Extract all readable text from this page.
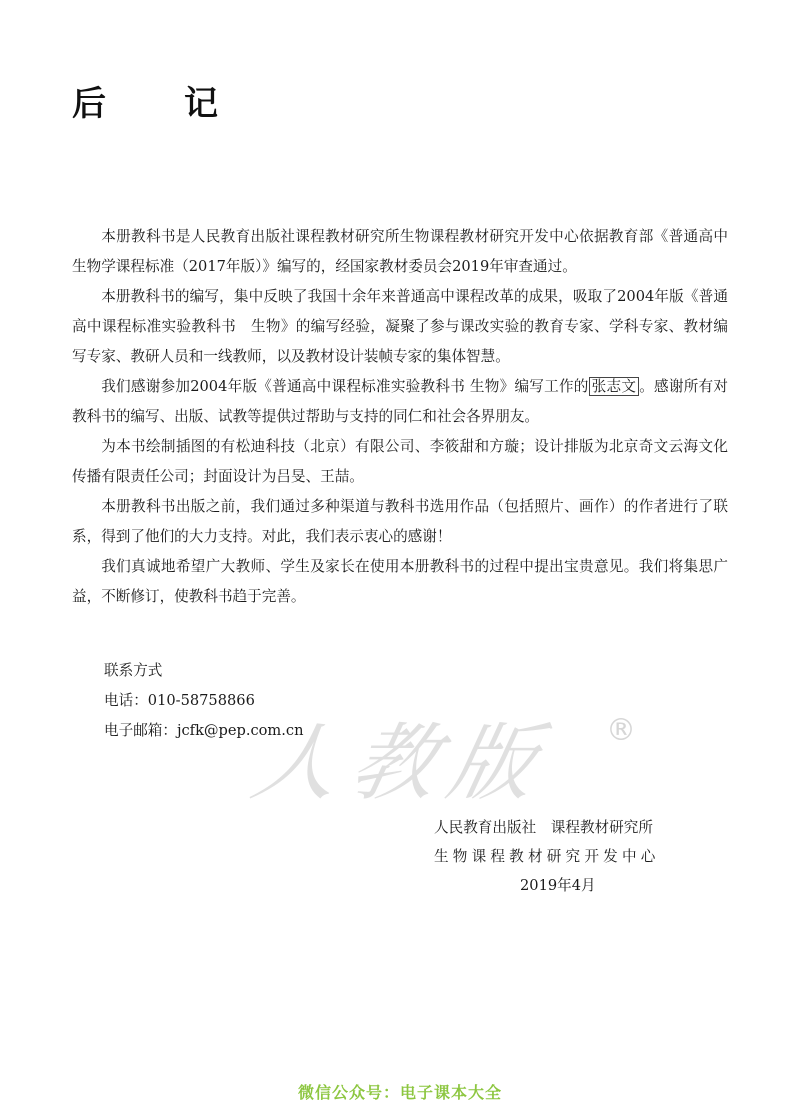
后　记

本册教科书是人民教育出版社课程教材研究所生物课程教材研究开发中心依据教育部《普通高中生物学课程标准（2017年版）》编写的，经国家教材委员会2019年审查通过。

本册教科书的编写，集中反映了我国十余年来普通高中课程改革的成果，吸取了2004年版《普通高中课程标准实验教科书　生物》的编写经验，凝聚了参与课改实验的教育专家、学科专家、教材编写专家、教研人员和一线教师，以及教材设计装帧专家的集体智慧。

我们感谢参加2004年版《普通高中课程标准实验教科书 生物》编写工作的 张志文 。感谢所有对教科书的编写、出版、试教等提供过帮助与支持的同仁和社会各界朋友。

为本书绘制插图的有松迪科技（北京）有限公司、李筱甜和方璇；设计排版为北京奇文云海文化传播有限责任公司；封面设计为吕旻、王喆。

本册教科书出版之前，我们通过多种渠道与教科书选用作品（包括照片、画作）的作者进行了联系，得到了他们的大力支持。对此，我们表示衷心的感谢！

我们真诚地希望广大教师、学生及家长在使用本册教科书的过程中提出宝贵意见。我们将集思广益，不断修订，使教科书趋于完善。

联系方式
电话：010-58758866
电子邮箱：jcfk@pep.com.cn
人教版 ®
人民教育出版社　课程教材研究所
生物课程教材研究开发中心
2019年4月
微信公众号：电子课本大全
